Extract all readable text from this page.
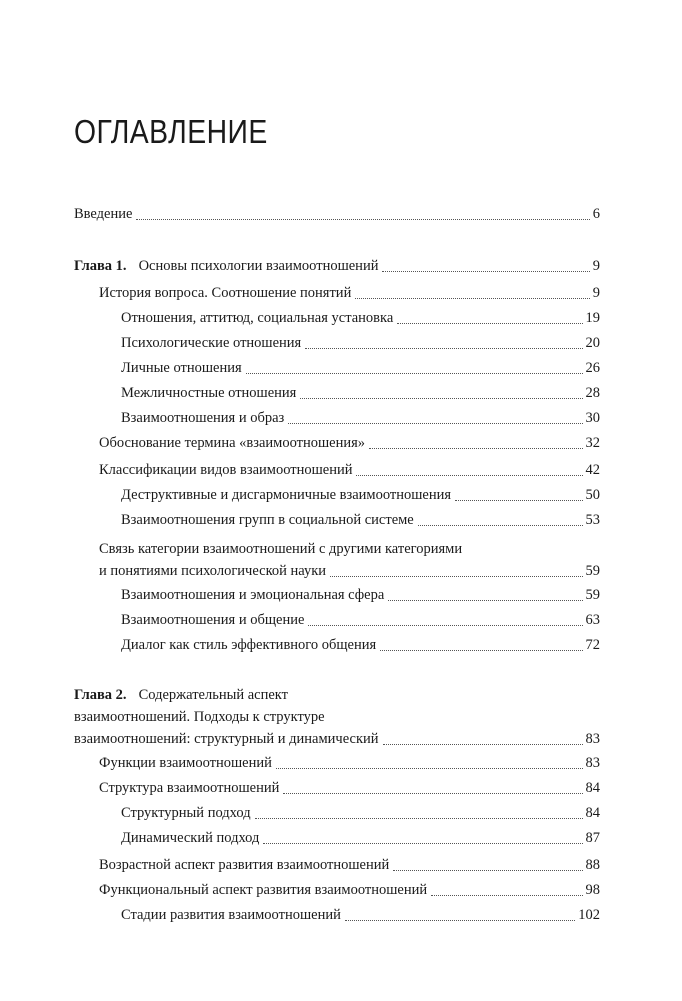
ОГЛАВЛЕНИЕ
Введение	6
Глава 1. Основы психологии взаимоотношений	9
История вопроса. Соотношение понятий	9
Отношения, аттитюд, социальная установка	19
Психологические отношения	20
Личные отношения	26
Межличностные отношения	28
Взаимоотношения и образ	30
Обоснование термина «взаимоотношения»	32
Классификации видов взаимоотношений	42
Деструктивные и дисгармоничные взаимоотношения	50
Взаимоотношения групп в социальной системе	53
Связь категории взаимоотношений с другими категориями
и понятиями психологической науки	59
Взаимоотношения и эмоциональная сфера	59
Взаимоотношения и общение	63
Диалог как стиль эффективного общения	72
Глава 2. Содержательный аспект
взаимоотношений. Подходы к структуре
взаимоотношений: структурный и динамический	83
Функции взаимоотношений	83
Структура взаимоотношений	84
Структурный подход	84
Динамический подход	87
Возрастной аспект развития взаимоотношений	88
Функциональный аспект развития взаимоотношений	98
Стадии развития взаимоотношений	102
